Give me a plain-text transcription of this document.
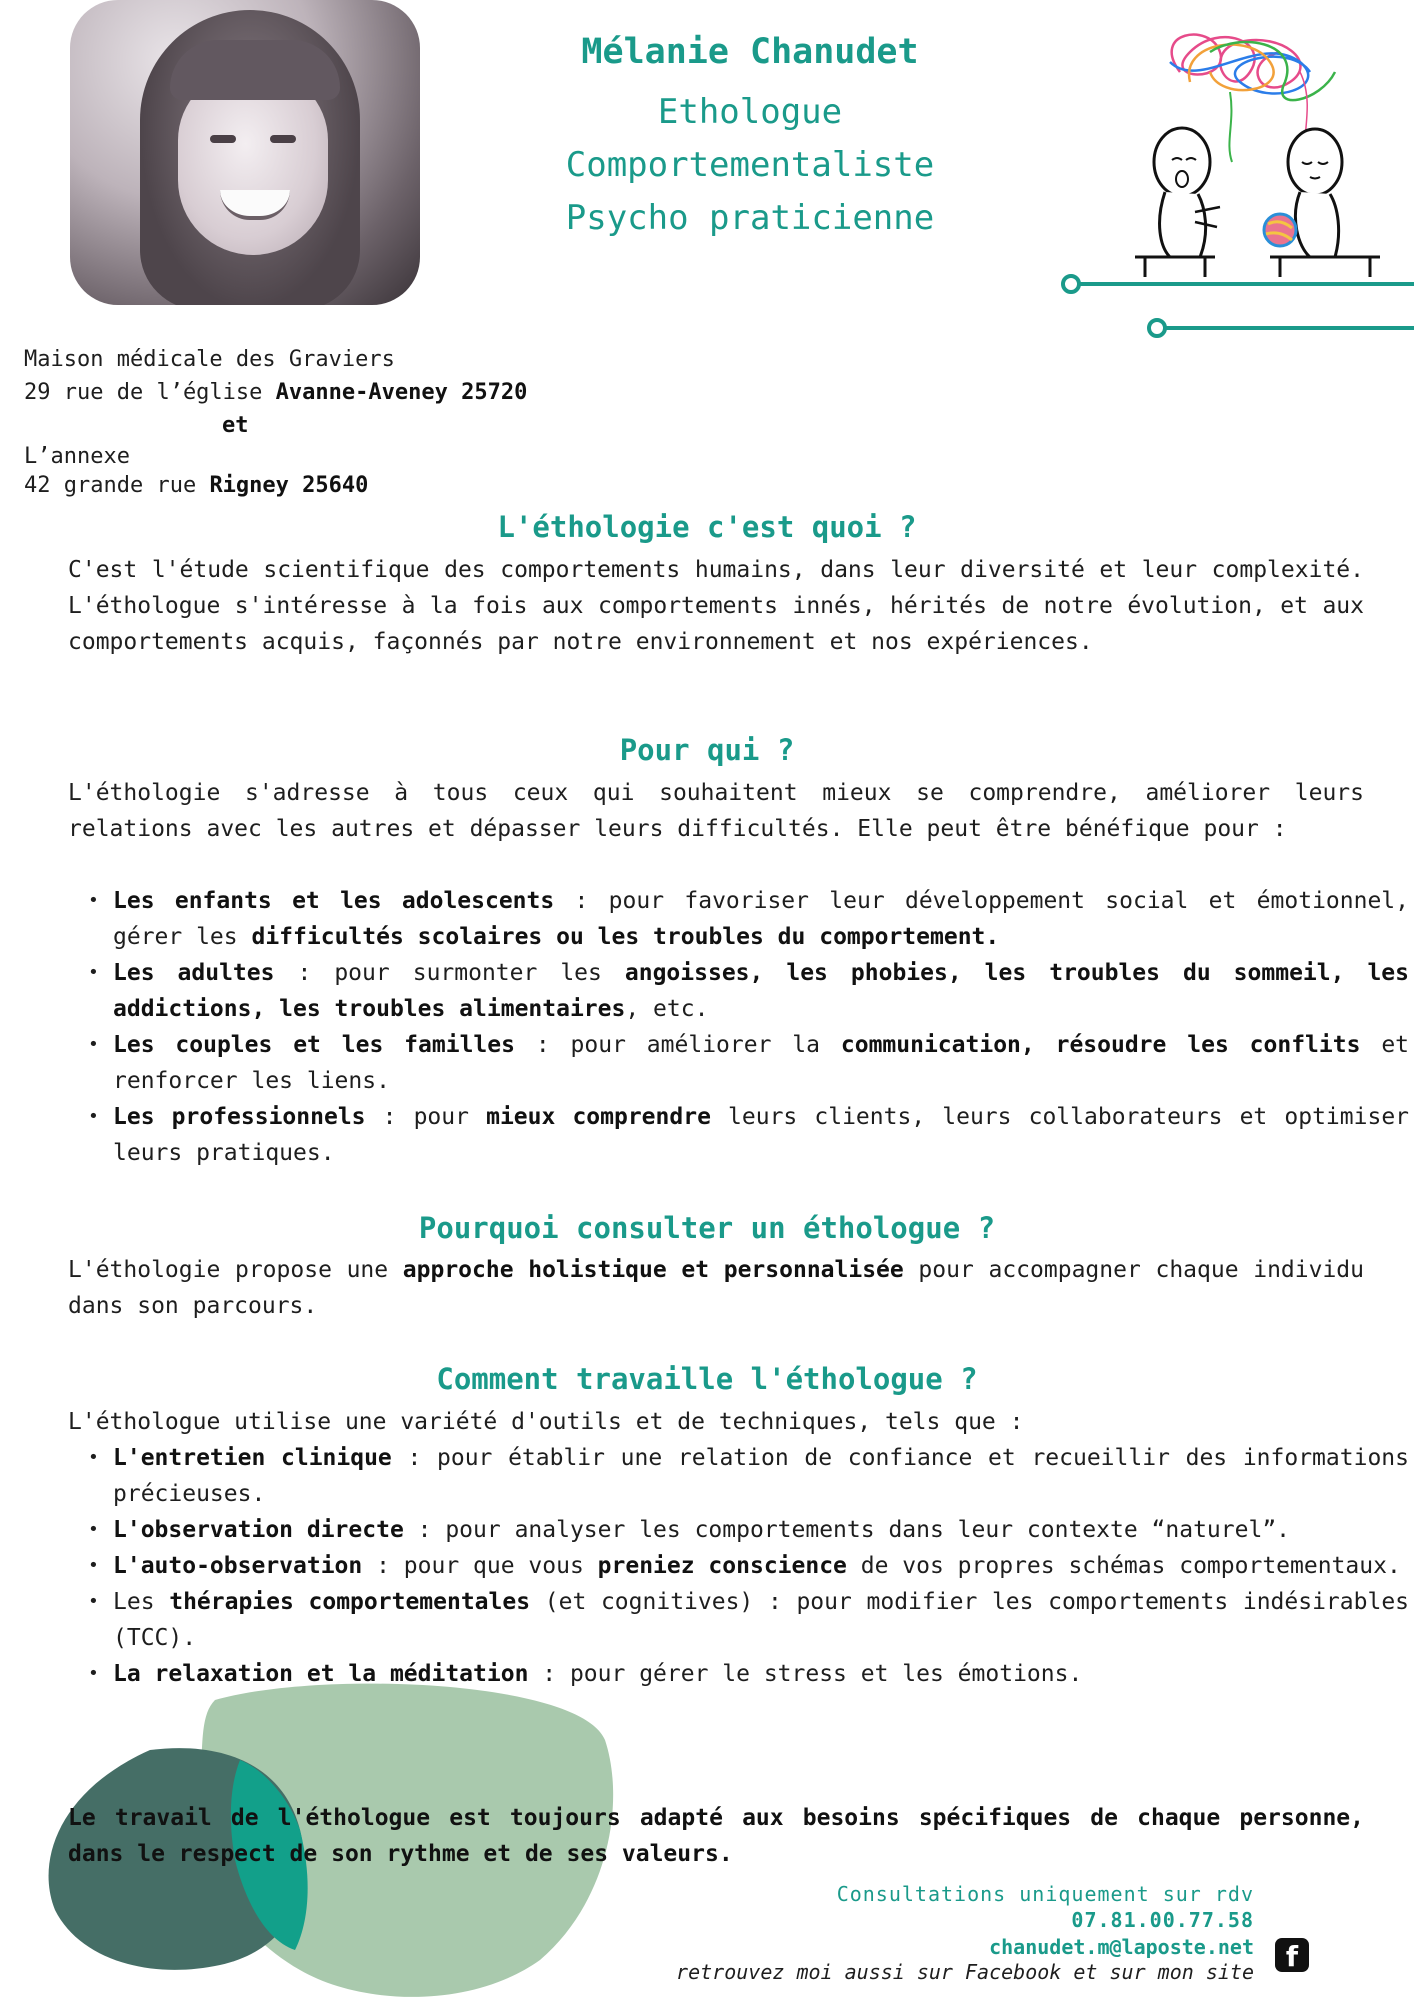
Mélanie Chanudet
Ethologue
Comportementaliste
Psycho praticienne
Maison médicale des Graviers
29 rue de l’église Avanne-Aveney 25720
et
L’annexe
42 grande rue Rigney 25640
L'éthologie c'est quoi ?

C'est l'étude scientifique des comportements humains, dans leur diversité et leur complexité. L'éthologue s'intéresse à la fois aux comportements innés, hérités de notre évolution, et aux comportements acquis, façonnés par notre environnement et nos expériences.

Pour qui ?

L'éthologie s'adresse à tous ceux qui souhaitent mieux se comprendre, améliorer leurs relations avec les autres et dépasser leurs difficultés. Elle peut être bénéfique pour :

• Les enfants et les adolescents : pour favoriser leur développement social et émotionnel, gérer les difficultés scolaires ou les troubles du comportement.
• Les adultes : pour surmonter les angoisses, les phobies, les troubles du sommeil, les addictions, les troubles alimentaires, etc.
• Les couples et les familles : pour améliorer la communication, résoudre les conflits et renforcer les liens.
• Les professionnels : pour mieux comprendre leurs clients, leurs collaborateurs et optimiser leurs pratiques.
Pourquoi consulter un éthologue ?

L'éthologie propose une approche holistique et personnalisée pour accompagner chaque individu dans son parcours.

Comment travaille l'éthologue ?

L'éthologue utilise une variété d'outils et de techniques, tels que :

• L'entretien clinique : pour établir une relation de confiance et recueillir des informations précieuses.
• L'observation directe : pour analyser les comportements dans leur contexte “naturel”.
• L'auto-observation : pour que vous preniez conscience de vos propres schémas comportementaux.
• Les thérapies comportementales (et cognitives) : pour modifier les comportements indésirables (TCC).
• La relaxation et la méditation : pour gérer le stress et les émotions.

Le travail de l'éthologue est toujours adapté aux besoins spécifiques de chaque personne, dans le respect de son rythme et de ses valeurs.

Consultations uniquement sur rdv
07.81.00.77.58
chanudet.m@laposte.net
retrouvez moi aussi sur Facebook et sur mon site	f
